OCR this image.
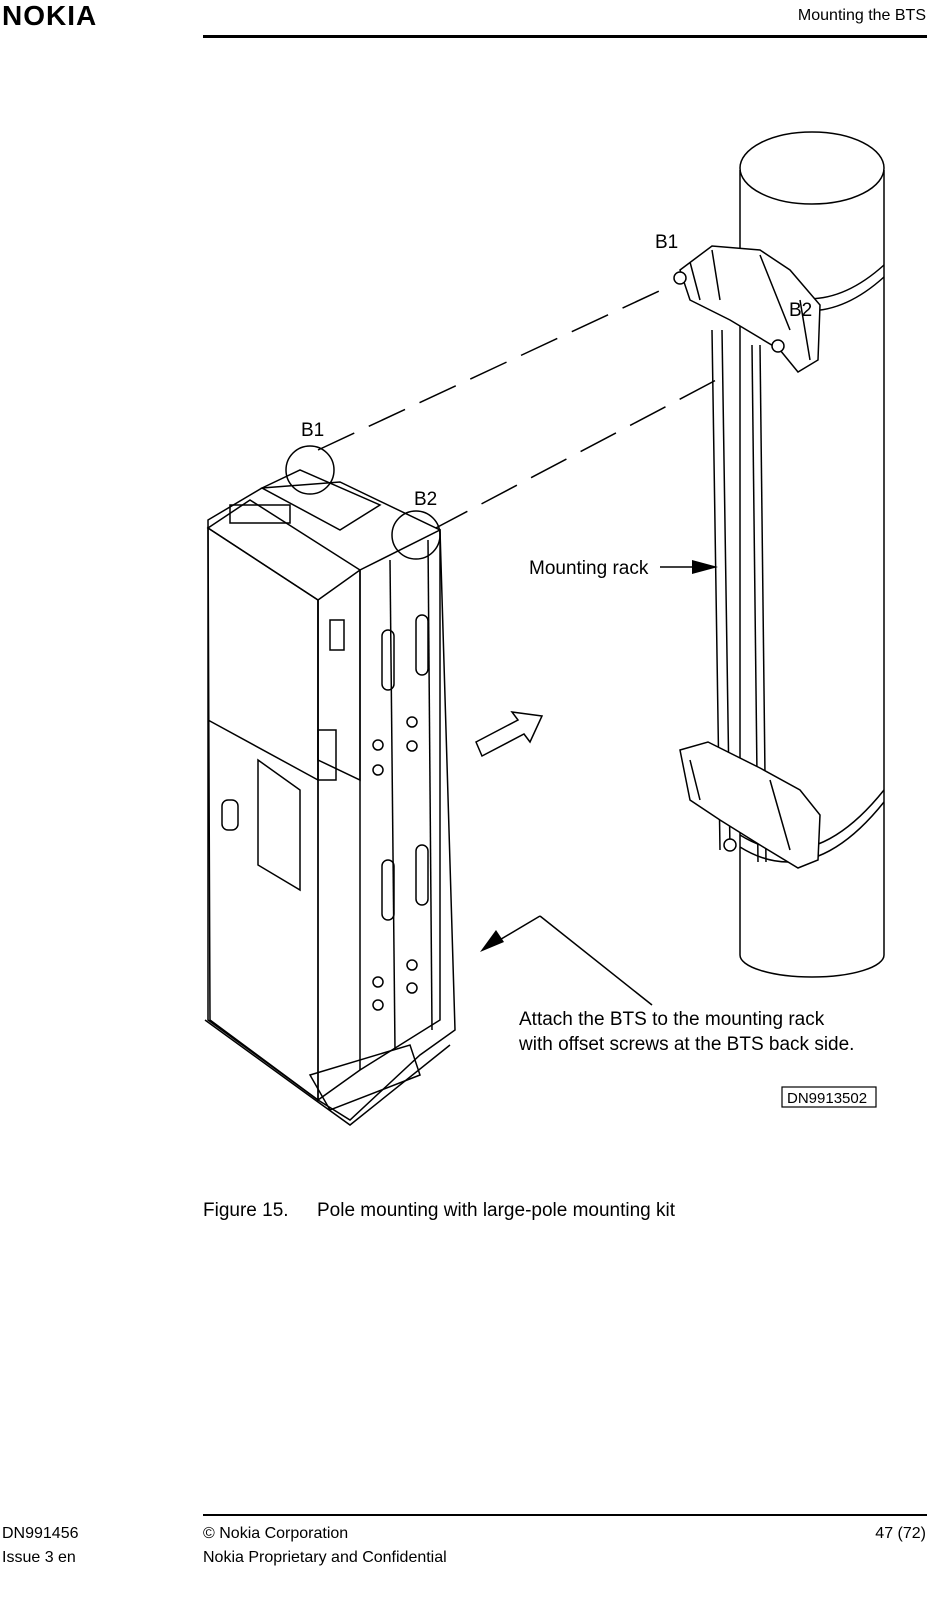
NOKIA	Mounting the BTS
B1
B2
B1
B2
Mounting rack
Attach the BTS to the mounting rack
with offset screws at the BTS back side.
DN9913502
Figure 15. Pole mounting with large-pole mounting kit
DN991456
Issue 3 en
© Nokia Corporation
Nokia Proprietary and Confidential
47 (72)
